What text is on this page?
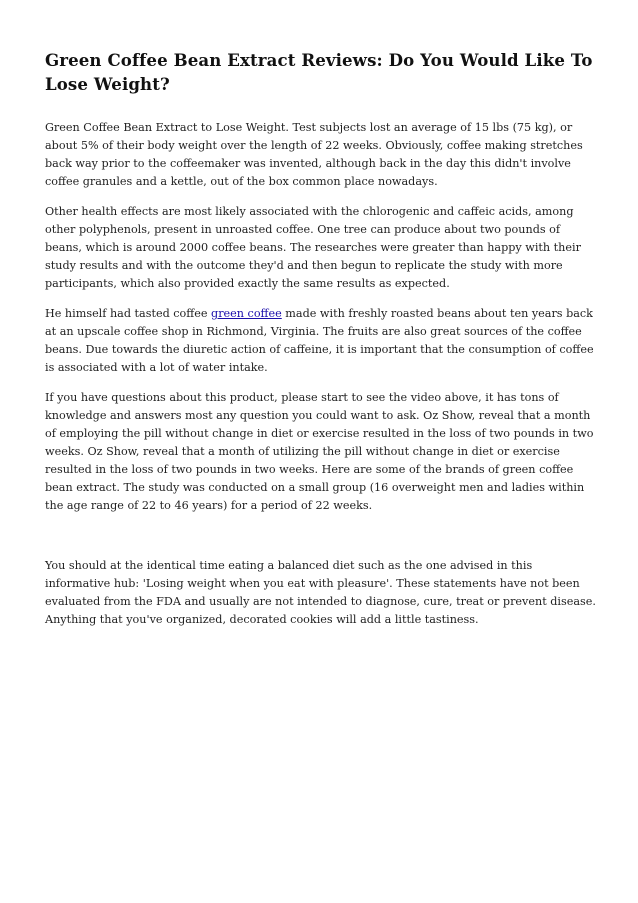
Green Coffee Bean Extract Reviews: Do You Would Like To Lose Weight?

Green Coffee Bean Extract to Lose Weight. Test subjects lost an average of 15 lbs (75 kg), or about 5% of their body weight over the length of 22 weeks. Obviously, coffee making stretches back way prior to the coffeemaker was invented, although back in the day this didn't involve coffee granules and a kettle, out of the box common place nowadays.

Other health effects are most likely associated with the chlorogenic and caffeic acids, among other polyphenols, present in unroasted coffee. One tree can produce about two pounds of beans, which is around 2000 coffee beans. The researches were greater than happy with their study results and with the outcome they'd and then begun to replicate the study with more participants, which also provided exactly the same results as expected.

He himself had tasted coffee green coffee made with freshly roasted beans about ten years back at an upscale coffee shop in Richmond, Virginia. The fruits are also great sources of the coffee beans. Due towards the diuretic action of caffeine, it is important that the consumption of coffee is associated with a lot of water intake.

If you have questions about this product, please start to see the video above, it has tons of knowledge and answers most any question you could want to ask. Oz Show, reveal that a month of employing the pill without change in diet or exercise resulted in the loss of two pounds in two weeks. Oz Show, reveal that a month of utilizing the pill without change in diet or exercise resulted in the loss of two pounds in two weeks. Here are some of the brands of green coffee bean extract. The study was conducted on a small group (16 overweight men and ladies within the age range of 22 to 46 years) for a period of 22 weeks.

You should at the identical time eating a balanced diet such as the one advised in this informative hub: 'Losing weight when you eat with pleasure'. These statements have not been evaluated from the FDA and usually are not intended to diagnose, cure, treat or prevent disease. Anything that you've organized, decorated cookies will add a little tastiness.
